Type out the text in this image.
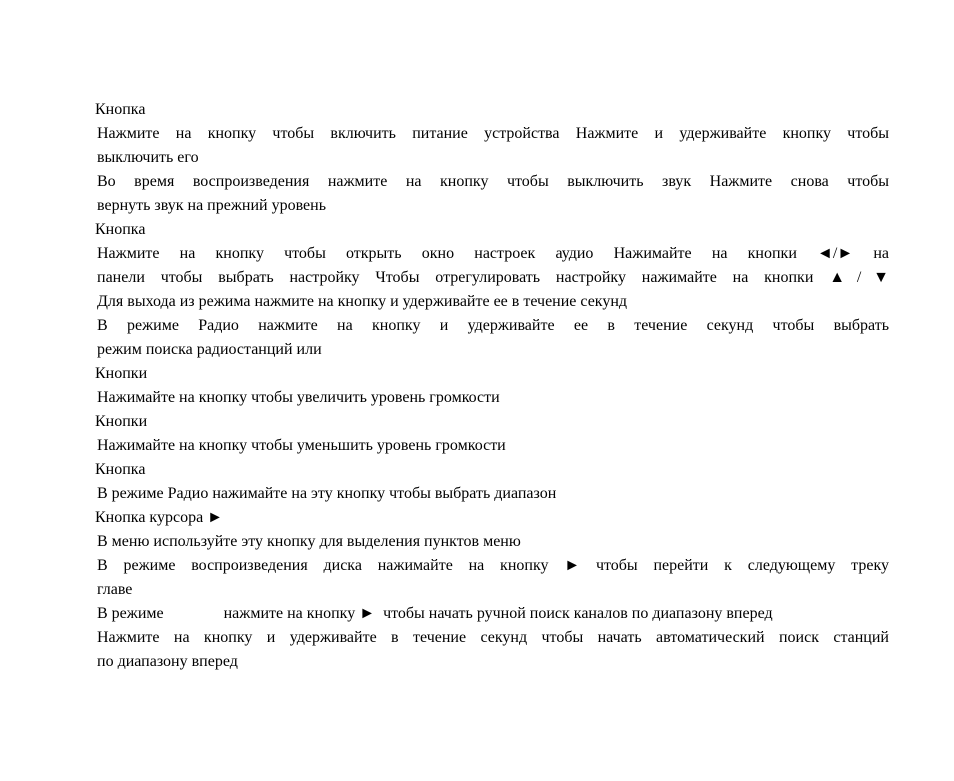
Кнопка

Нажмите на кнопку чтобы включить питание устройства Нажмите и удерживайте кнопку чтобы

выключить его

Во время воспроизведения нажмите на кнопку чтобы выключить звук Нажмите снова чтобы

вернуть звук на прежний уровень

Кнопка

Нажмите на кнопку чтобы открыть окно настроек аудио Нажимайте на кнопки ◄/► на

панели чтобы выбрать настройку Чтобы отрегулировать настройку нажимайте на кнопки ▲/▼

Для выхода из режима нажмите на кнопку и удерживайте ее в течение секунд

В режиме Радио нажмите на кнопку и удерживайте ее в течение секунд чтобы выбрать

режим поиска радиостанций или

Кнопки

Нажимайте на кнопку чтобы увеличить уровень громкости

Кнопки

Нажимайте на кнопку чтобы уменьшить уровень громкости

Кнопка

В режиме Радио нажимайте на эту кнопку чтобы выбрать диапазон

Кнопка курсора ►

В меню используйте эту кнопку для выделения пунктов меню

В режиме воспроизведения диска нажимайте на кнопку ► чтобы перейти к следующему треку

главе

В режиме               нажмите на кнопку ►  чтобы начать ручной поиск каналов по диапазону вперед

Нажмите на кнопку и удерживайте в течение секунд чтобы начать автоматический поиск станций

по диапазону вперед
